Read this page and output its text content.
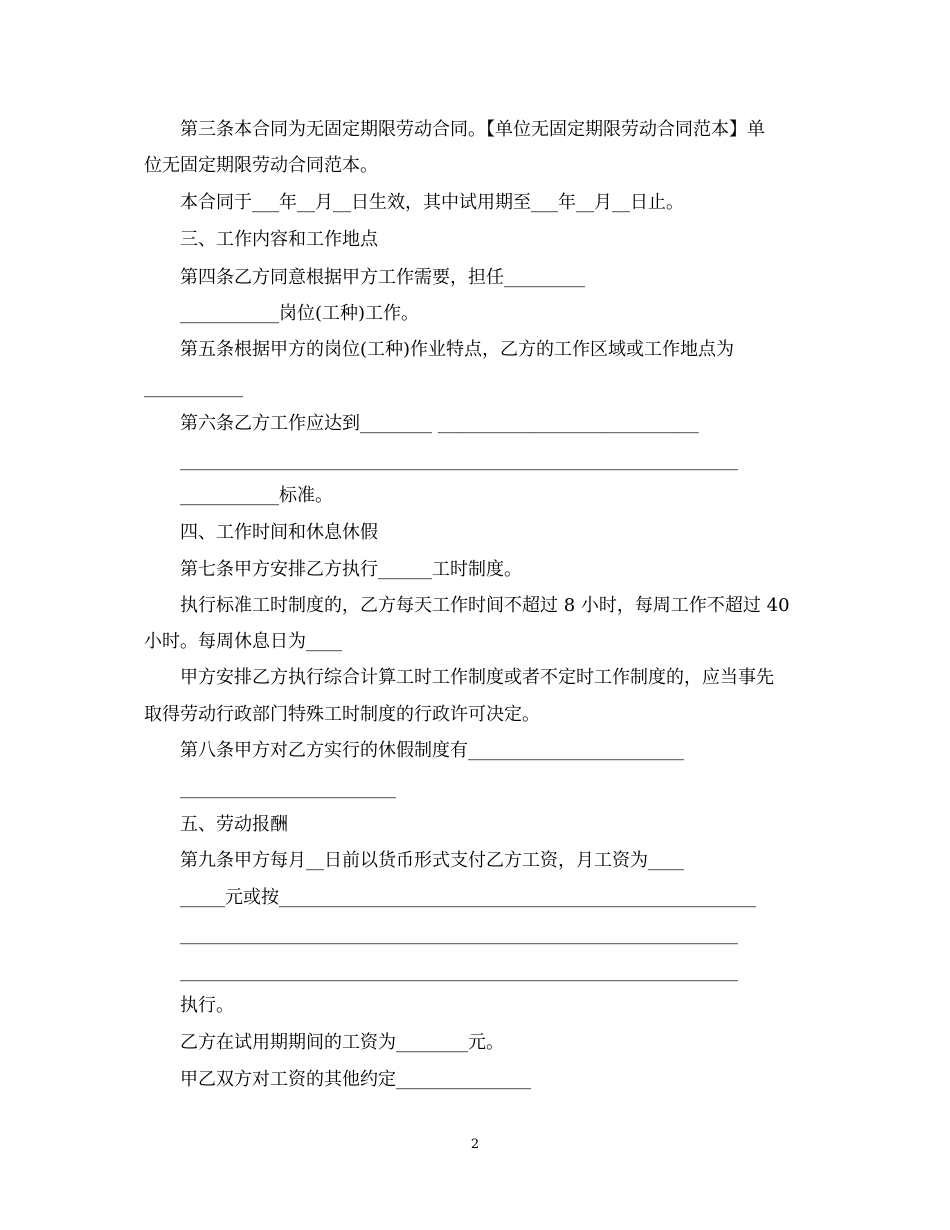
　　第三条本合同为无固定期限劳动合同。【单位无固定期限劳动合同范本】单
位无固定期限劳动合同范本。
　　本合同于___年__月__日生效，其中试用期至___年__月__日止。
　　三、工作内容和工作地点
　　第四条乙方同意根据甲方工作需要，担任_________
　　___________岗位(工种)工作。
　　第五条根据甲方的岗位(工种)作业特点，乙方的工作区域或工作地点为
___________
　　第六条乙方工作应达到________ _____________________________
　　______________________________________________________________
　　___________标准。
　　四、工作时间和休息休假
　　第七条甲方安排乙方执行______工时制度。
　　执行标准工时制度的，乙方每天工作时间不超过 8 小时，每周工作不超过 40
小时。每周休息日为____
　　甲方安排乙方执行综合计算工时工作制度或者不定时工作制度的，应当事先
取得劳动行政部门特殊工时制度的行政许可决定。
　　第八条甲方对乙方实行的休假制度有________________________
　　________________________
　　五、劳动报酬
　　第九条甲方每月__日前以货币形式支付乙方工资，月工资为____
　　_____元或按_____________________________________________________
　　______________________________________________________________
　　______________________________________________________________
　　执行。
　　乙方在试用期期间的工资为________元。
　　甲乙双方对工资的其他约定_______________
2
